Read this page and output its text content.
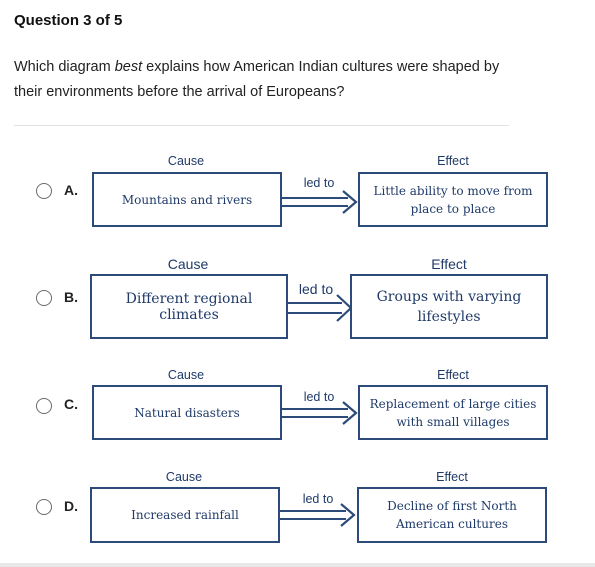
Question 3 of 5
Which diagram best explains how American Indian cultures were shaped by their environments before the arrival of Europeans?
A.
Cause
Mountains and rivers
led to
Effect
Little ability to move from place to place
B.
Cause
Different regional climates
led to
Effect
Groups with varying lifestyles
C.
Cause
Natural disasters
led to
Effect
Replacement of large cities with small villages
D.
Cause
Increased rainfall
led to
Effect
Decline of first North American cultures
